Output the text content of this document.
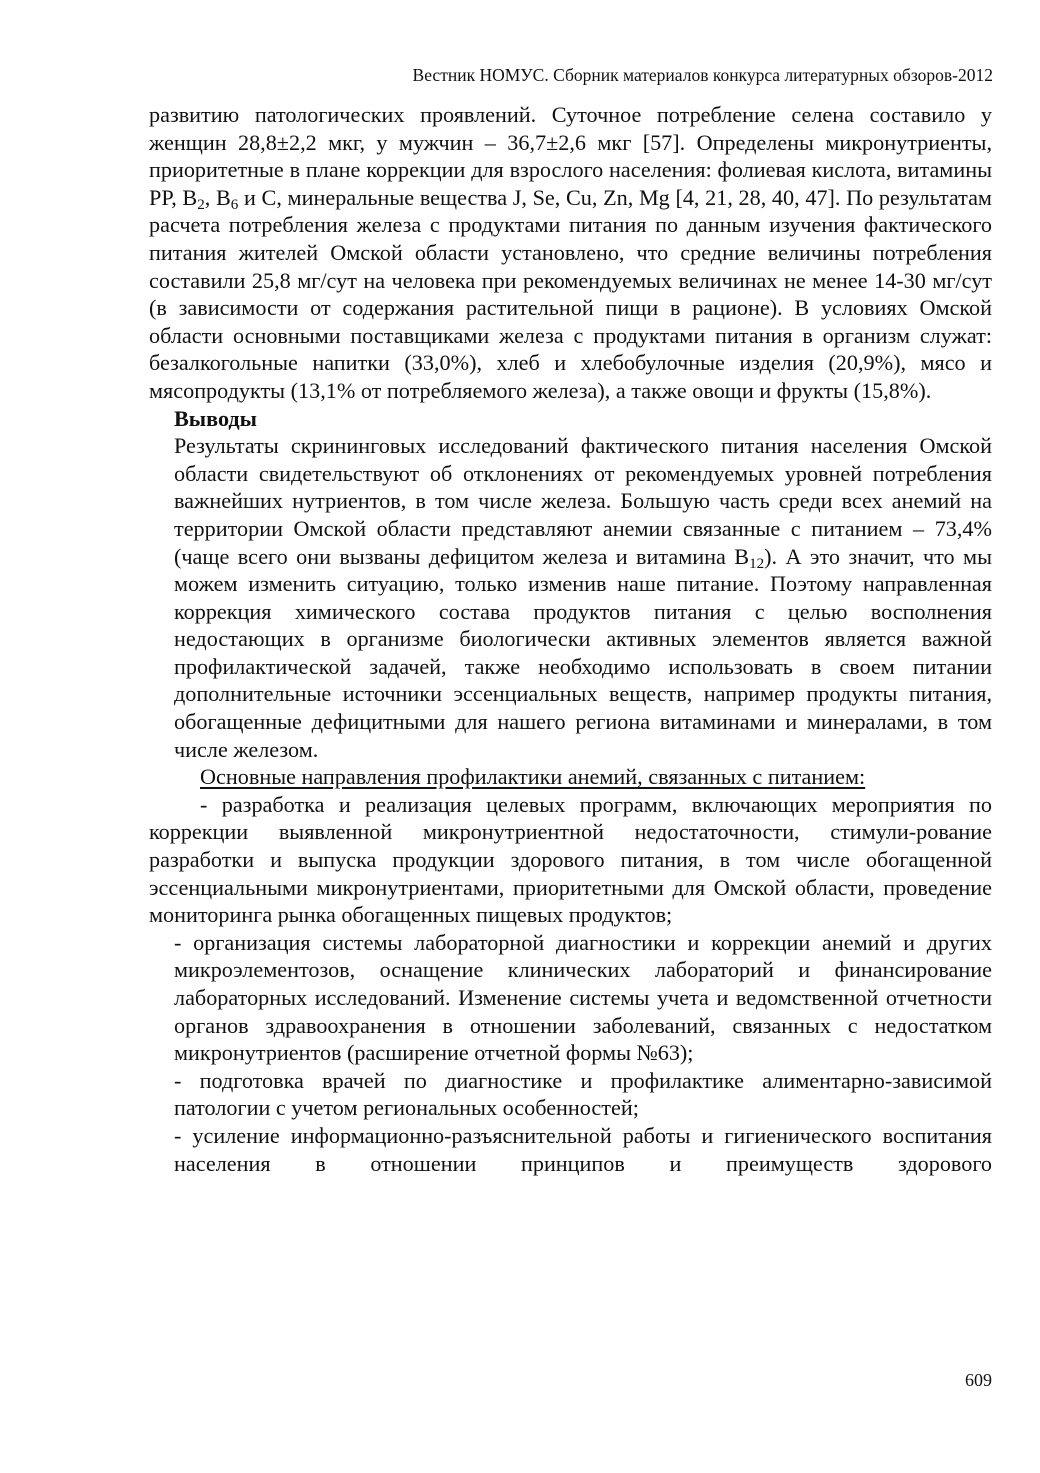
Вестник НОМУС. Сборник материалов конкурса литературных обзоров-2012

развитию патологических проявлений. Суточное потребление селена составило у женщин 28,8±2,2 мкг, у мужчин – 36,7±2,6 мкг [57]. Определены микронутриенты, приоритетные в плане коррекции для взрослого населения: фолиевая кислота, витамины PP, $B_2$, $B_6$ и C, минеральные вещества J, Se, Cu, Zn, Mg [4, 21, 28, 40, 47]. По результатам расчета потребления железа с продуктами питания по данным изучения фактического питания жителей Омской области установлено, что средние величины потребления составили 25,8 мг/сут на человека при рекомендуемых величинах не менее 14-30 мг/сут (в зависимости от содержания растительной пищи в рационе). В условиях Омской области основными поставщиками железа с продуктами питания в организм служат: безалкогольные напитки (33,0%), хлеб и хлебобулочные изделия (20,9%), мясо и мясопродукты (13,1% от потребляемого железа), а также овощи и фрукты (15,8%).

Выводы

Результаты скрининговых исследований фактического питания населения Омской области свидетельствуют об отклонениях от рекомендуемых уровней потребления важнейших нутриентов, в том числе железа. Большую часть среди всех анемий на территории Омской области представляют анемии связанные с питанием – 73,4% (чаще всего они вызваны дефицитом железа и витамина $B_{12}$). А это значит, что мы можем изменить ситуацию, только изменив наше питание. Поэтому направленная коррекция химического состава продуктов питания с целью восполнения недостающих в организме биологически активных элементов является важной профилактической задачей, также необходимо использовать в своем питании дополнительные источники эссенциальных веществ, например продукты питания, обогащенные дефицитными для нашего региона витаминами и минералами, в том числе железом.

Основные направления профилактики анемий, связанных с питанием:

- разработка и реализация целевых программ, включающих мероприятия по коррекции выявленной микронутриентной недостаточности, стимули-рование разработки и выпуска продукции здорового питания, в том числе обогащенной эссенциальными микронутриентами, приоритетными для Омской области, проведение мониторинга рынка обогащенных пищевых продуктов;

- организация системы лабораторной диагностики и коррекции анемий и других микроэлементозов, оснащение клинических лабораторий и финансирование лабораторных исследований. Изменение системы учета и ведомственной отчетности органов здравоохранения в отношении заболеваний, связанных с недостатком микронутриентов (расширение отчетной формы №63);

- подготовка врачей по диагностике и профилактике алиментарно-зависимой патологии с учетом региональных особенностей;

- усиление информационно-разъяснительной работы и гигиенического воспитания населения в отношении принципов и преимуществ здорового

609
